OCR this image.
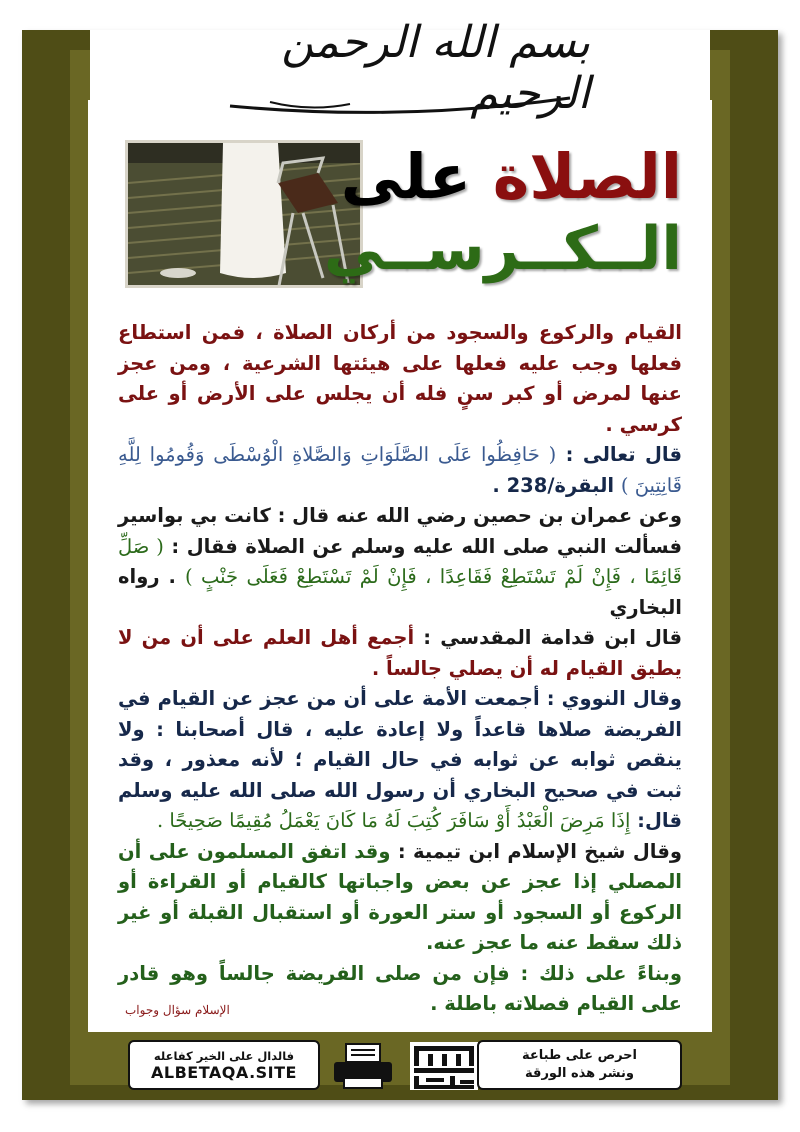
بسم الله الرحمن الرحيم
الصلاة على
الــكــرســي

القيام والركوع والسجود من أركان الصلاة ، فمن استطاع فعلها وجب عليه فعلها على هيئتها الشرعية ، ومن عجز عنها لمرض أو كبر سنٍ فله أن يجلس على الأرض أو على كرسي .

قال تعالى : ( حَافِظُوا عَلَى الصَّلَوَاتِ وَالصَّلاةِ الْوُسْطَى وَقُومُوا لِلَّهِ قَانِتِينَ ) البقرة/238 .

وعن عمران بن حصين رضي الله عنه قال : كانت بي بواسير فسألت النبي صلى الله عليه وسلم عن الصلاة فقال : ( صَلِّ قَائِمًا ، فَإِنْ لَمْ تَسْتَطِعْ فَقَاعِدًا ، فَإِنْ لَمْ تَسْتَطِعْ فَعَلَى جَنْبٍ ) . رواه البخاري

قال ابن قدامة المقدسي : أجمع أهل العلم على أن من لا يطيق القيام له أن يصلي جالساً .

وقال النووي : أجمعت الأمة على أن من عجز عن القيام في الفريضة صلاها قاعداً ولا إعادة عليه ، قال أصحابنا : ولا ينقص ثوابه عن ثوابه في حال القيام ؛ لأنه معذور ، وقد ثبت في صحيح البخاري أن رسول الله صلى الله عليه وسلم قال: إِذَا مَرِضَ الْعَبْدُ أَوْ سَافَرَ كُتِبَ لَهُ مَا كَانَ يَعْمَلُ مُقِيمًا صَحِيحًا .

وقال شيخ الإسلام ابن تيمية : وقد اتفق المسلمون على أن المصلي إذا عجز عن بعض واجباتها كالقيام أو القراءة أو الركوع أو السجود أو ستر العورة أو استقبال القبلة أو غير ذلك سقط عنه ما عجز عنه.

وبناءً على ذلك : فإن من صلى الفريضة جالساً وهو قادر على القيام فصلاته باطلة .

الإسلام سؤال وجواب
فالدال على الخير كفاعله
ALBETAQA.SITE
احرص على طباعة
ونشر هذه الورقة
